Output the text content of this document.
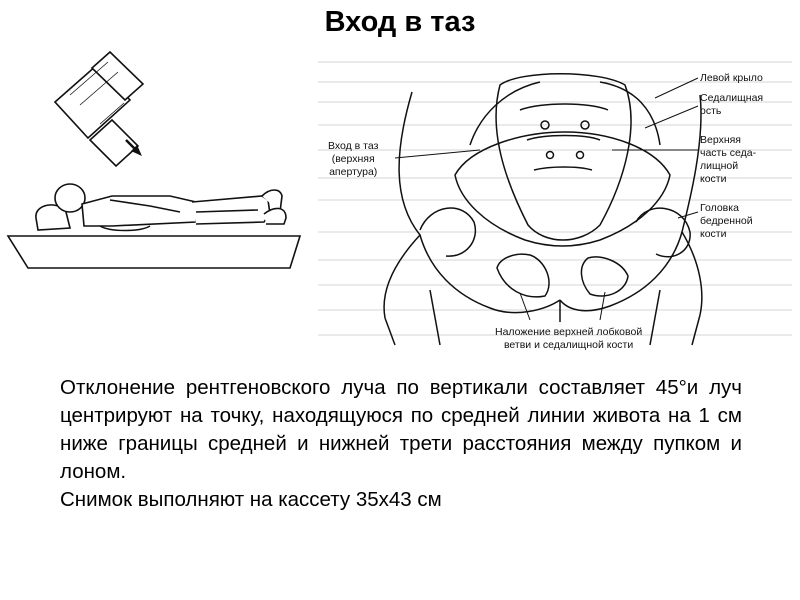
Вход в таз
Вход в таз
(верхняя
апертура)
Левой крыло
Седалищная
ость
Верхняя
часть седа-
лищной
кости
Головка
бедренной
кости
Наложение верхней лобковой
ветви и седалищной кости
Отклонение рентгеновского луча по вертикали составляет 45°и луч центрируют на точку, находящуюся по средней линии живота на 1 см ниже границы средней и нижней трети расстояния между пупком и лоном.
Снимок выполняют на кассету 35х43 см
